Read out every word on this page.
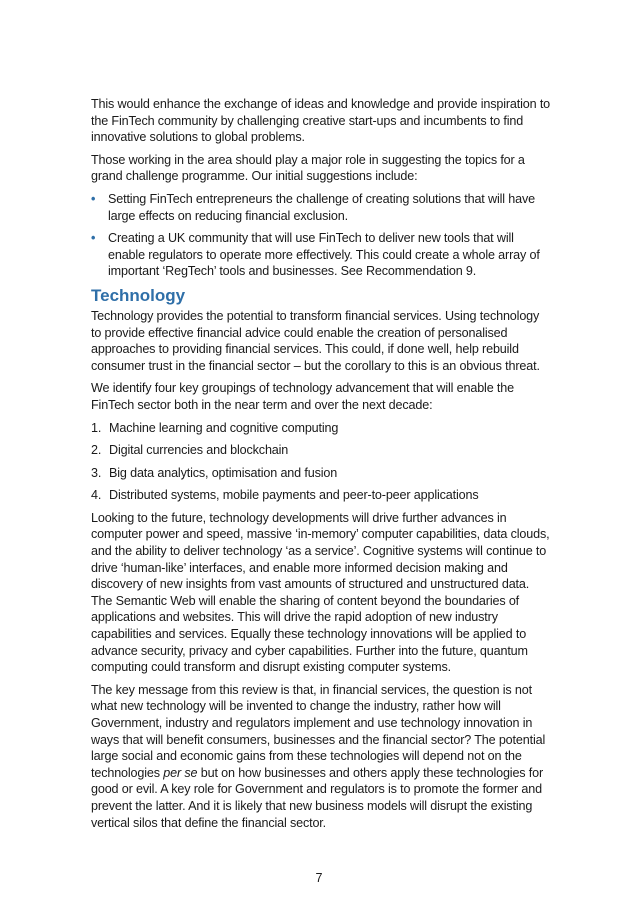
This would enhance the exchange of ideas and knowledge and provide inspiration to the FinTech community by challenging creative start-ups and incumbents to find innovative solutions to global problems.

Those working in the area should play a major role in suggesting the topics for a grand challenge programme. Our initial suggestions include:

• Setting FinTech entrepreneurs the challenge of creating solutions that will have large effects on reducing financial exclusion.
• Creating a UK community that will use FinTech to deliver new tools that will enable regulators to operate more effectively. This could create a whole array of important ‘RegTech’ tools and businesses. See Recommendation 9.
Technology

Technology provides the potential to transform financial services. Using technology to provide effective financial advice could enable the creation of personalised approaches to providing financial services. This could, if done well, help rebuild consumer trust in the financial sector – but the corollary to this is an obvious threat.

We identify four key groupings of technology advancement that will enable the FinTech sector both in the near term and over the next decade:

1. Machine learning and cognitive computing
2. Digital currencies and blockchain
3. Big data analytics, optimisation and fusion
4. Distributed systems, mobile payments and peer-to-peer applications

Looking to the future, technology developments will drive further advances in computer power and speed, massive ‘in-memory’ computer capabilities, data clouds, and the ability to deliver technology ‘as a service’. Cognitive systems will continue to drive ‘human-like’ interfaces, and enable more informed decision making and discovery of new insights from vast amounts of structured and unstructured data. The Semantic Web will enable the sharing of content beyond the boundaries of applications and websites. This will drive the rapid adoption of new industry capabilities and services. Equally these technology innovations will be applied to advance security, privacy and cyber capabilities. Further into the future, quantum computing could transform and disrupt existing computer systems.

The key message from this review is that, in financial services, the question is not what new technology will be invented to change the industry, rather how will Government, industry and regulators implement and use technology innovation in ways that will benefit consumers, businesses and the financial sector? The potential large social and economic gains from these technologies will depend not on the technologies per se but on how businesses and others apply these technologies for good or evil. A key role for Government and regulators is to promote the former and prevent the latter. And it is likely that new business models will disrupt the existing vertical silos that define the financial sector.

7
